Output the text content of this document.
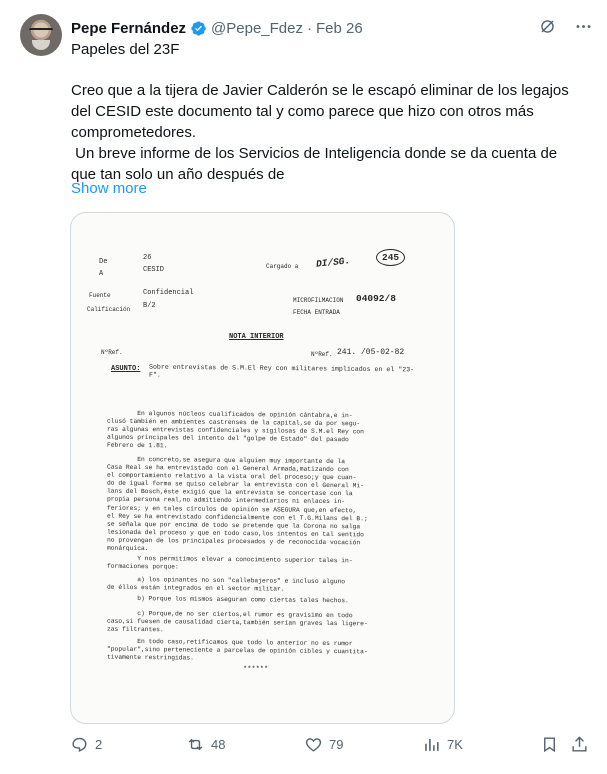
Pepe Fernández @Pepe_Fdez · Feb 26
Papeles del 23F

Creo que a la tijera de Javier Calderón se le escapó eliminar de los legajos del CESID este documento tal y como parece que hizo con otros más comprometedores.

Un breve informe de los Servicios de Inteligencia donde se da cuenta de que tan solo un año después de

Show more
De	26
A	CESID
Fuente	Confidencial
Calificación B/2
Cargado a DI/SG.	245
MICROFILMACION 04092/8
FECHA ENTRADA
NOTA INTERIOR
NºRef.	NºRef. 241. /05-02-82
ASUNTO: Sobre entrevistas de S.M.El Rey con militares implicados en el "23-F".
En algunos núcleos cualificados de opinión cántabra,e in-
clusó también en ambientes castrenses de la capital,se da por segu-
ras algunas entrevistas confidenciales y sigilosas de S.M.el Rey con
algunos principales del intento del "golpe de Estado" del pasado
Febrero de 1.81.
En concreto,se asegura que alguien muy importante de la
Casa Real se ha entrevistado con el General Armada,matizando con
el comportamiento relativo a la vista oral del proceso;y que cuan-
do de igual forma se quiso celebrar la entrevista con el General Mi-
lans del Bosch,éste exigió que la entrevista se concertase con la
propia persona real,no admitiendo intermediarios ni enlaces in-
feriores; y en tales círculos de opinión se ASEGURA que,en efecto,
el Rey se ha entrevistado confidencialmente con el T.G.Milans del B.;
se señala que por encima de todo se pretende que la Corona no salga
lesionada del proceso y que en todo caso,los intentos en tal sentido
no provengan de los principales procesados y de reconocida vocación
monárquica.
Y nos permitimos elevar a conocimiento superior tales in-
formaciones porque:
a) los opinantes no son "callebajeros" e incluso alguno
de éllos están integrados en el sector militar.
b) Porque los mismos aseguran como ciertas tales hechos.
c) Porque,de no ser ciertos,el rumor es gravísimo en todo
caso,si fuesen de causalidad cierta,también serían graves las ligere-
zas filtrantes.
En todo caso,retificamos que todo lo anterior no es rumor
"popular",sino perteneciente a parcelas de opinión cibles y cuantita-
tivamente restringidas.
******
2	48	79	7K
